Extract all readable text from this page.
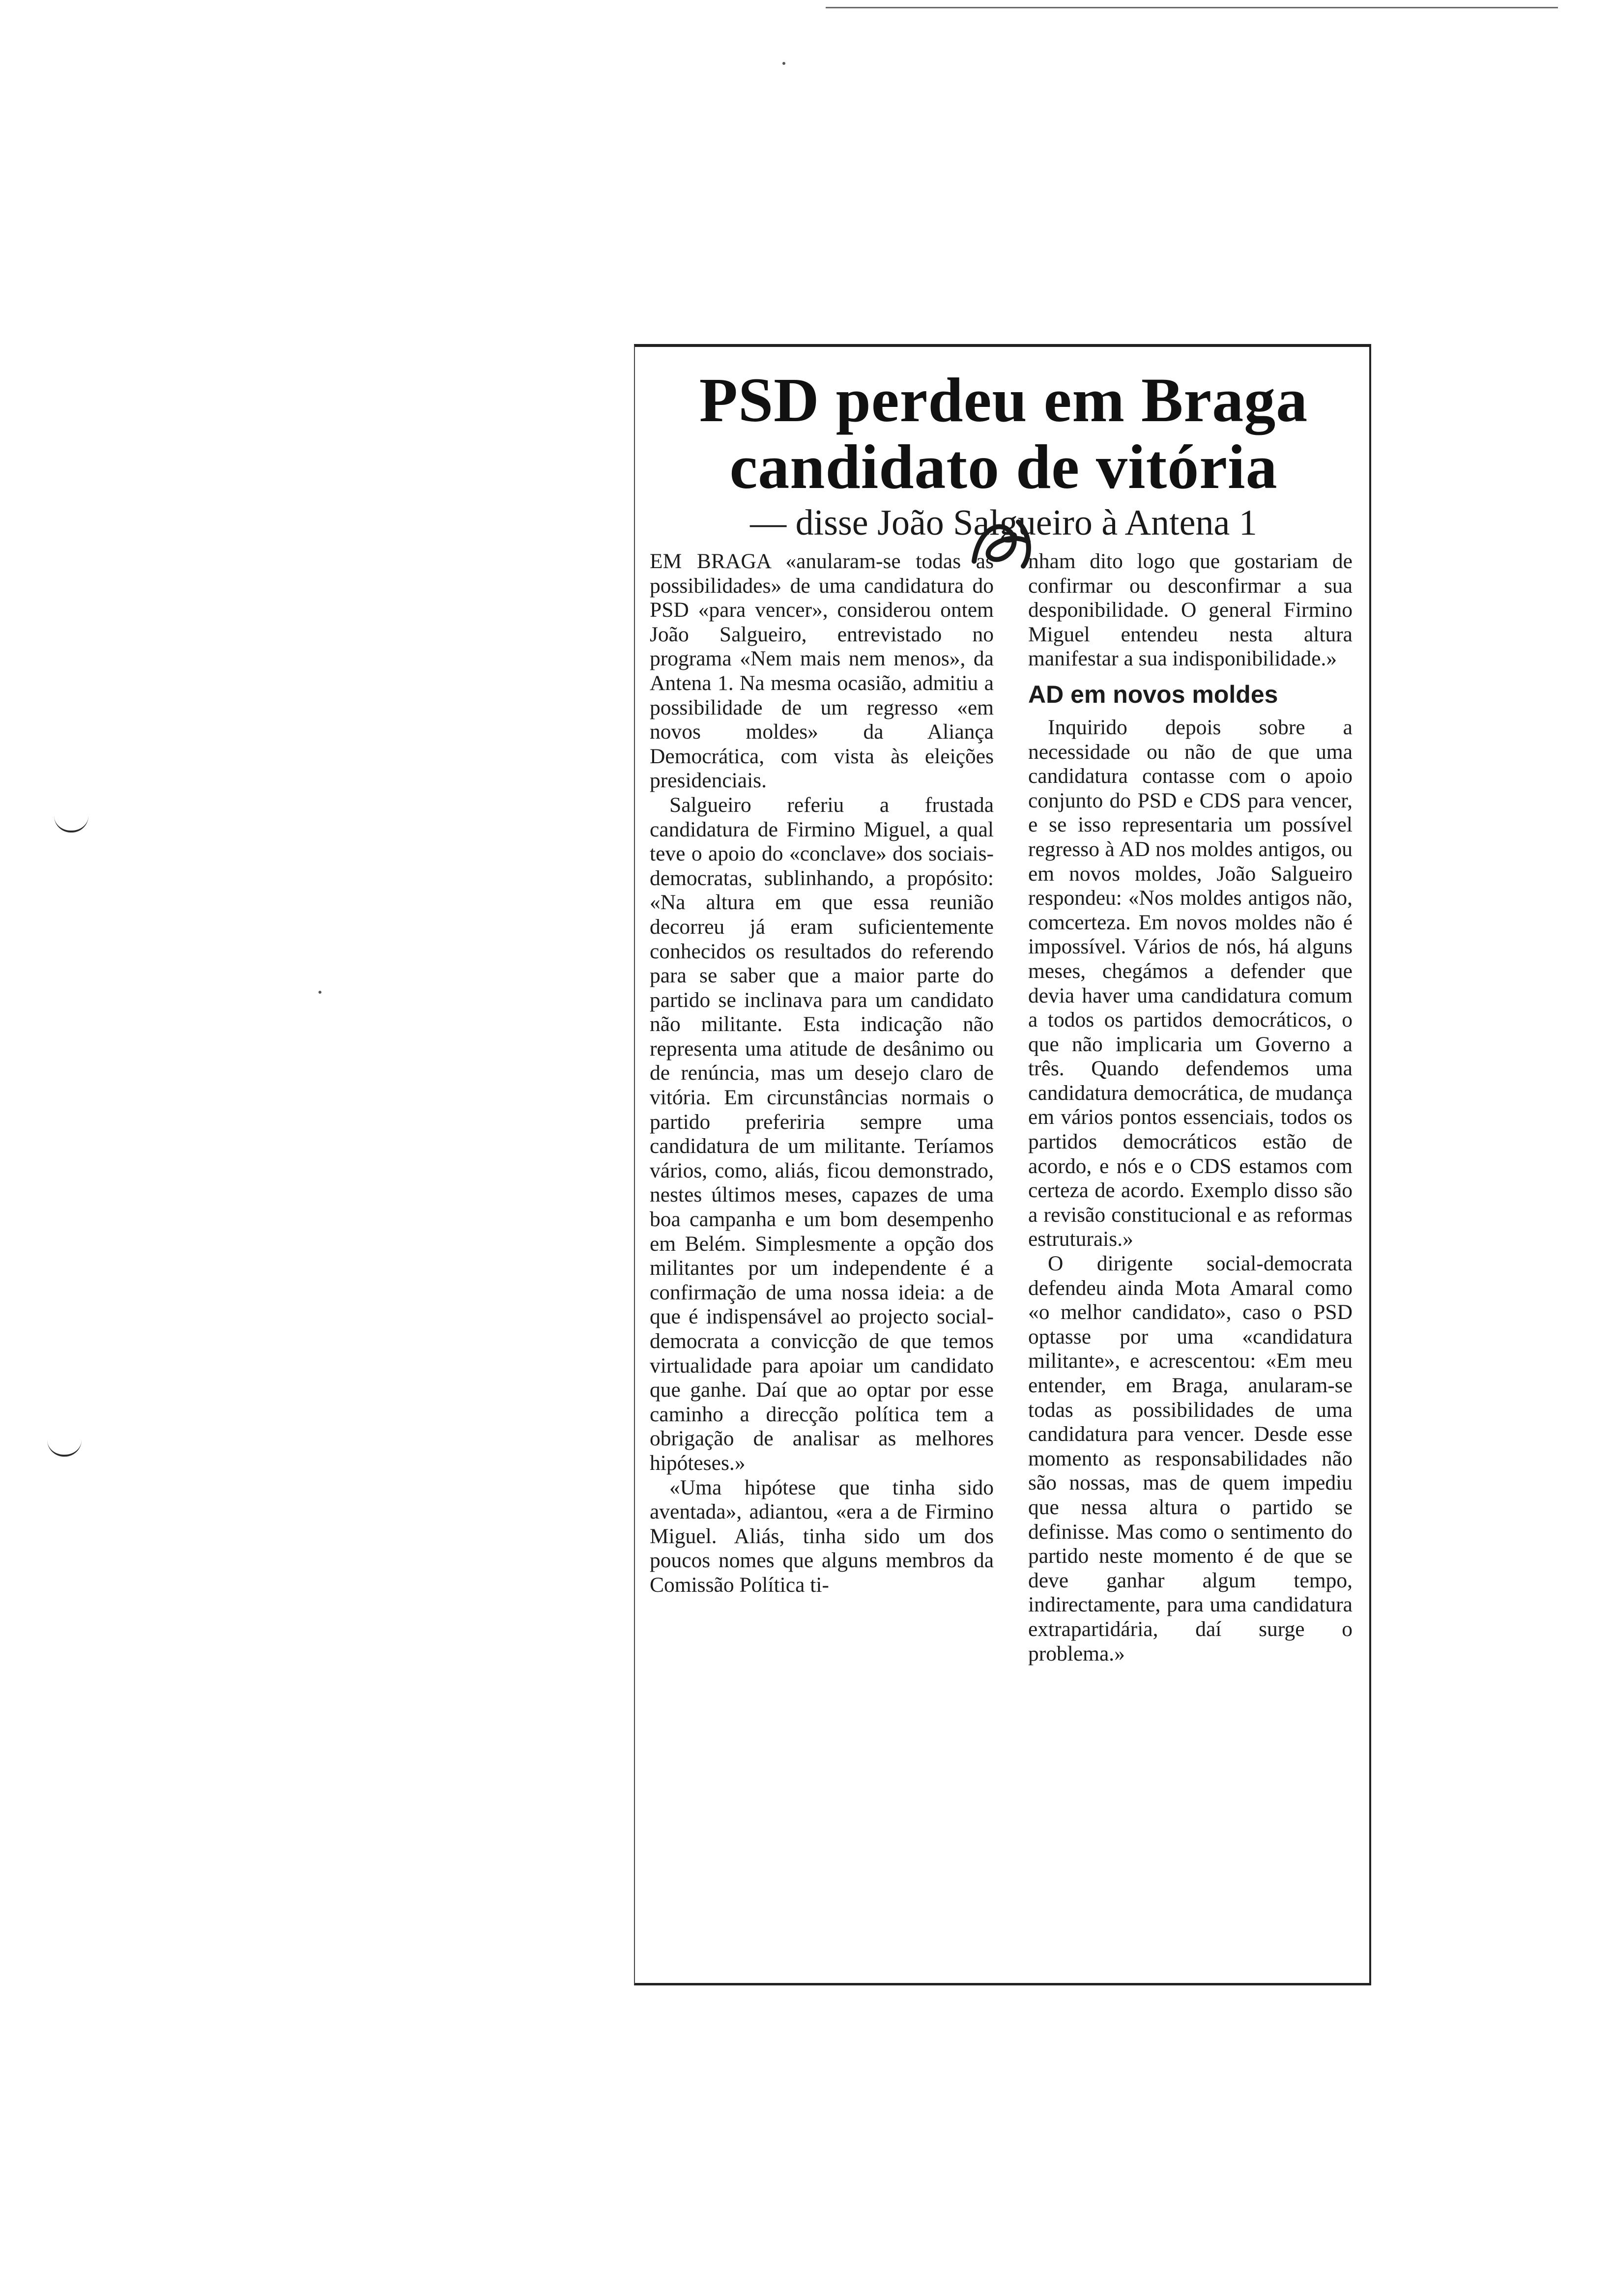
PSD perdeu em Braga
candidato de vitória
— disse João Salgueiro à Antena 1

EM BRAGA «anularam-se todas as possibilidades» de uma candidatura do PSD «para vencer», considerou ontem João Salgueiro, entrevistado no programa «Nem mais nem menos», da Antena 1. Na mesma ocasião, admitiu a possibilidade de um regresso «em novos moldes» da Aliança Democrática, com vista às eleições presidenciais.

Salgueiro referiu a frustada candidatura de Firmino Miguel, a qual teve o apoio do «conclave» dos sociais-democratas, sublinhando, a propósito: «Na altura em que essa reunião decorreu já eram suficientemente conhecidos os resultados do referendo para se saber que a maior parte do partido se inclinava para um candidato não militante. Esta indicação não representa uma atitude de desânimo ou de renúncia, mas um desejo claro de vitória. Em circunstâncias normais o partido preferiria sempre uma candidatura de um militante. Teríamos vários, como, aliás, ficou demonstrado, nestes últimos meses, capazes de uma boa campanha e um bom desempenho em Belém. Simplesmente a opção dos militantes por um independente é a confirmação de uma nossa ideia: a de que é indispensável ao projecto social-democrata a convicção de que temos virtualidade para apoiar um candidato que ganhe. Daí que ao optar por esse caminho a direcção política tem a obrigação de analisar as melhores hipóteses.»

«Uma hipótese que tinha sido aventada», adiantou, «era a de Firmino Miguel. Aliás, tinha sido um dos poucos nomes que alguns membros da Comissão Política ti-

nham dito logo que gostariam de confirmar ou desconfirmar a sua desponibilidade. O general Firmino Miguel entendeu nesta altura manifestar a sua indisponibilidade.»

AD em novos moldes

Inquirido depois sobre a necessidade ou não de que uma candidatura contasse com o apoio conjunto do PSD e CDS para vencer, e se isso representaria um possível regresso à AD nos moldes antigos, ou em novos moldes, João Salgueiro respondeu: «Nos moldes antigos não, comcerteza. Em novos moldes não é impossível. Vários de nós, há alguns meses, chegámos a defender que devia haver uma candidatura comum a todos os partidos democráticos, o que não implicaria um Governo a três. Quando defendemos uma candidatura democrática, de mudança em vários pontos essenciais, todos os partidos democráticos estão de acordo, e nós e o CDS estamos com certeza de acordo. Exemplo disso são a revisão constitucional e as reformas estruturais.»

O dirigente social-democrata defendeu ainda Mota Amaral como «o melhor candidato», caso o PSD optasse por uma «candidatura militante», e acrescentou: «Em meu entender, em Braga, anularam-se todas as possibilidades de uma candidatura para vencer. Desde esse momento as responsabilidades não são nossas, mas de quem impediu que nessa altura o partido se definisse. Mas como o sentimento do partido neste momento é de que se deve ganhar algum tempo, indirectamente, para uma candidatura extrapartidária, daí surge o problema.»
